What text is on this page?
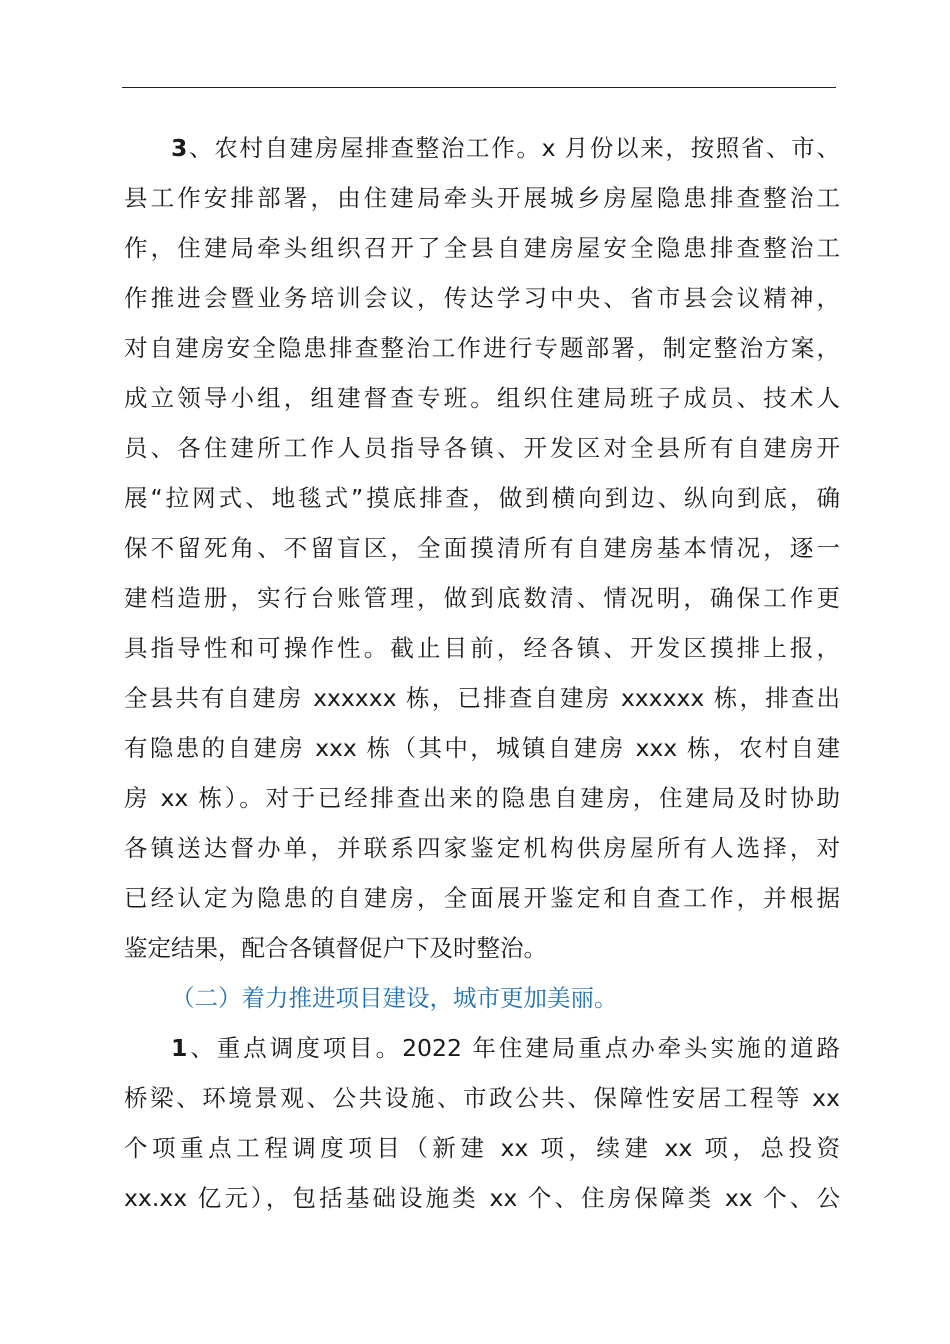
3、农村自建房屋排查整治工作。x 月份以来，按照省、市、
县工作安排部署，由住建局牵头开展城乡房屋隐患排查整治工
作，住建局牵头组织召开了全县自建房屋安全隐患排查整治工
作推进会暨业务培训会议，传达学习中央、省市县会议精神，
对自建房安全隐患排查整治工作进行专题部署，制定整治方案，
成立领导小组，组建督查专班。组织住建局班子成员、技术人
员、各住建所工作人员指导各镇、开发区对全县所有自建房开
展“拉网式、地毯式”摸底排查，做到横向到边、纵向到底，确
保不留死角、不留盲区，全面摸清所有自建房基本情况，逐一
建档造册，实行台账管理，做到底数清、情况明，确保工作更
具指导性和可操作性。截止目前，经各镇、开发区摸排上报，
全县共有自建房 xxxxxx 栋，已排查自建房 xxxxxx 栋，排查出
有隐患的自建房 xxx 栋（其中，城镇自建房 xxx 栋，农村自建
房 xx 栋）。对于已经排查出来的隐患自建房，住建局及时协助
各镇送达督办单，并联系四家鉴定机构供房屋所有人选择，对
已经认定为隐患的自建房，全面展开鉴定和自查工作，并根据
鉴定结果，配合各镇督促户下及时整治。
（二）着力推进项目建设，城市更加美丽。
1、重点调度项目。2022 年住建局重点办牵头实施的道路
桥梁、环境景观、公共设施、市政公共、保障性安居工程等 xx
个项重点工程调度项目（新建 xx 项，续建 xx 项，总投资
xx.xx 亿元），包括基础设施类 xx 个、住房保障类 xx 个、公
